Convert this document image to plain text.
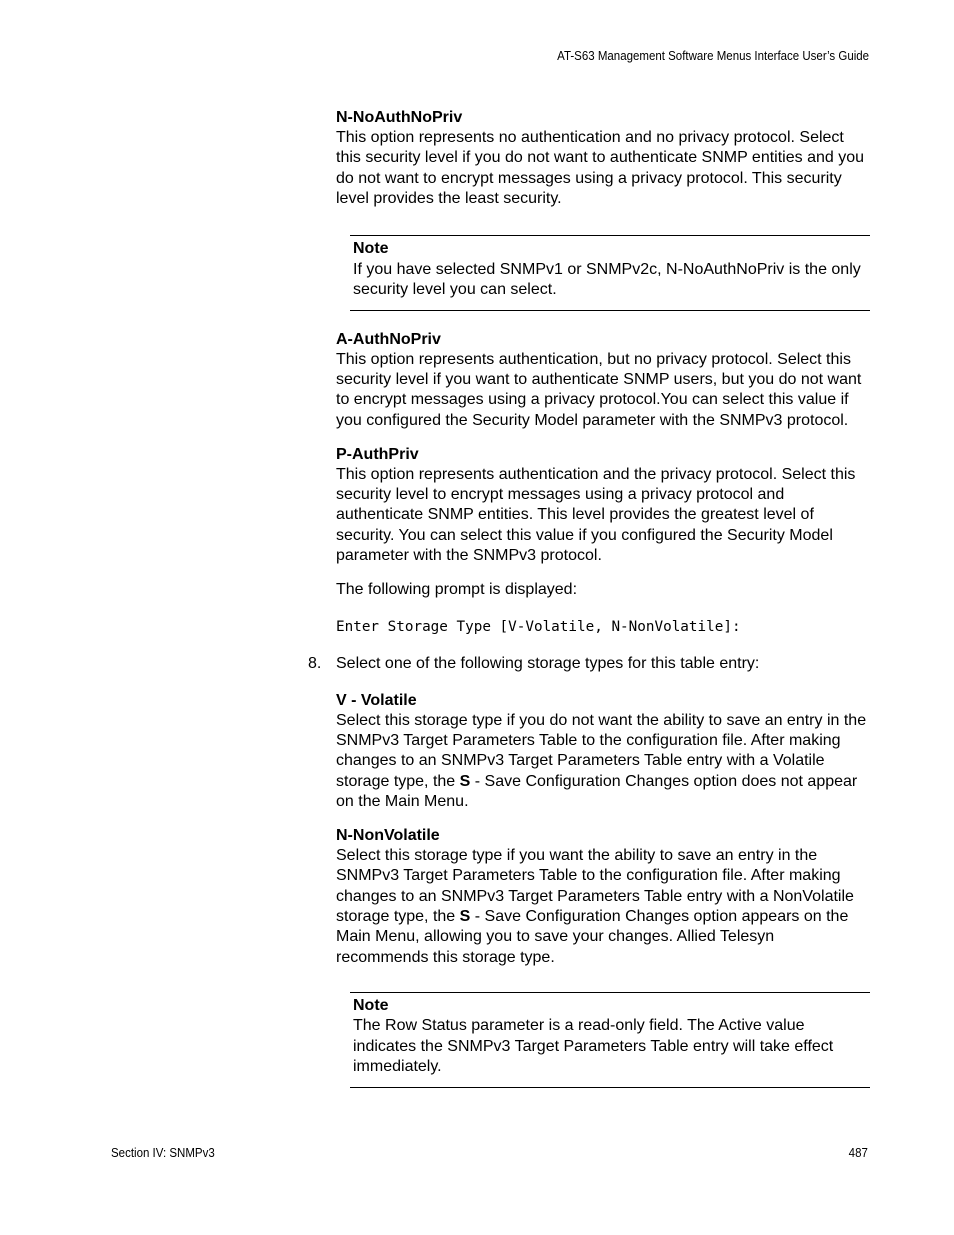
AT-S63 Management Software Menus Interface User’s Guide

N-NoAuthNoPriv

This option represents no authentication and no privacy protocol. Select this security level if you do not want to authenticate SNMP entities and you do not want to encrypt messages using a privacy protocol. This security level provides the least security.

Note
If you have selected SNMPv1 or SNMPv2c, N-NoAuthNoPriv is the only security level you can select.

A-AuthNoPriv

This option represents authentication, but no privacy protocol. Select this security level if you want to authenticate SNMP users, but you do not want to encrypt messages using a privacy protocol.You can select this value if you configured the Security Model parameter with the SNMPv3 protocol.

P-AuthPriv

This option represents authentication and the privacy protocol. Select this security level to encrypt messages using a privacy protocol and authenticate SNMP entities. This level provides the greatest level of security. You can select this value if you configured the Security Model parameter with the SNMPv3 protocol.

The following prompt is displayed:

Enter Storage Type [V-Volatile, N-NonVolatile]:

8. Select one of the following storage types for this table entry:

V - Volatile

Select this storage type if you do not want the ability to save an entry in the SNMPv3 Target Parameters Table to the configuration file. After making changes to an SNMPv3 Target Parameters Table entry with a Volatile storage type, the S - Save Configuration Changes option does not appear on the Main Menu.

N-NonVolatile

Select this storage type if you want the ability to save an entry in the SNMPv3 Target Parameters Table to the configuration file. After making changes to an SNMPv3 Target Parameters Table entry with a NonVolatile storage type, the S - Save Configuration Changes option appears on the Main Menu, allowing you to save your changes. Allied Telesyn recommends this storage type.

Note
The Row Status parameter is a read-only field. The Active value indicates the SNMPv3 Target Parameters Table entry will take effect immediately.
Section IV: SNMPv3	487
